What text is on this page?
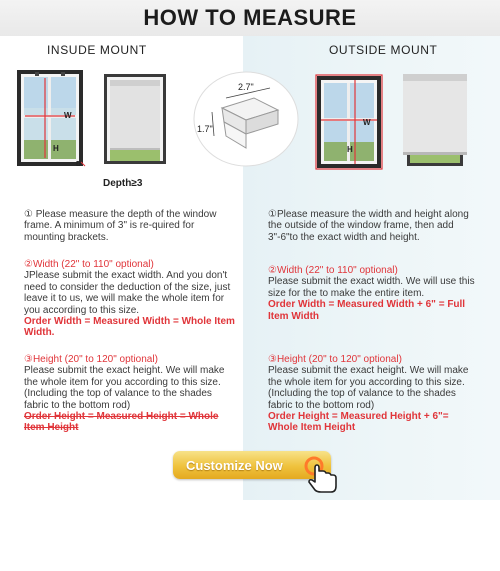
HOW TO MEASURE
INSUDE MOUNT	OUTSIDE MOUNT
W
H
D
Depth≥3
2.7"
1.7"
W
H
① Please measure the depth of the window frame. A minimum of 3" is re-quired for mounting brackets.
②Width (22" to 110" optional)
JPlease submit the exact width. And you don't need to consider the deduction of the size, just leave it to us, we will make the whole item for you according to this size.
Order Width = Measured Width = Whole Item Width.
③Height (20" to 120" optional)
Please submit the exact height. We will make the whole item for you according to this size. (Including the top of valance to the shades fabric to the bottom rod)
Order Height = Measured Height = Whole Item Height
①Please measure the width and height along the outside of the window frame, then add 3"-6"to the exact width and height.
②Width (22" to 110" optional)
Please submit the exact width. We will use this size for the to make the entire item.
Order Width = Measured Width + 6" = Full Item Width
③Height (20" to 120" optional)
Please submit the exact height. We will make the whole item for you according to this size. (Including the top of valance to the shades fabric to the bottom rod)
Order Height = Measured Height + 6"= Whole Item Height
Customize Now
